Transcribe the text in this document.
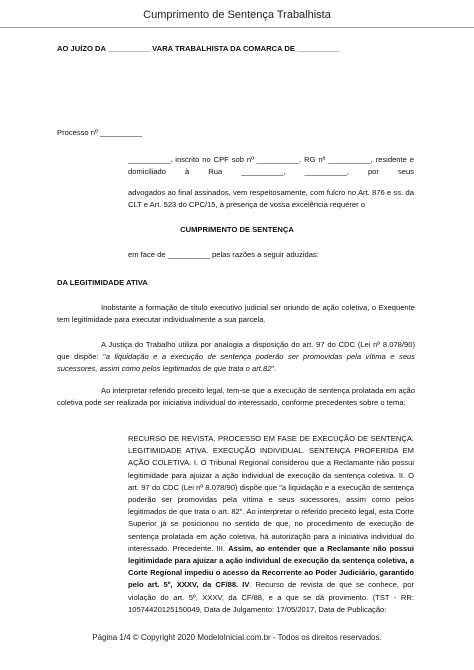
Cumprimento de Sentença Trabalhista
AO JUÍZO DA __________ VARA TRABALHISTA DA COMARCA DE __________
Processo nº __________
__________, inscrito no CPF sob nº __________, RG nº __________, residente e domiciliado à Rua __________, __________, por seus
advogados ao final assinados, vem respeitosamente, com fulcro no Art. 876 e ss. da CLT e Art. 523 do CPC/15, à presença de vossa excelência requerer o
CUMPRIMENTO DE SENTENÇA
em face de __________ pelas razões a seguir aduzidas:
DA LEGITIMIDADE ATIVA
Inobstante a formação de título executivo judicial ser oriundo de ação coletiva, o Exequente tem legitimidade para executar individualmente a sua parcela.
A Justiça do Trabalho utiliza por analogia a disposição do art. 97 do CDC (Lei nº 8.078/90) que dispõe: "a liquidação e a execução de sentença poderão ser promovidas pela vítima e seus sucessores, assim como pelos legitimados de que trata o art.82".
Ao interpretar referido preceito legal, tem-se que a execução de sentença prolatada em ação coletiva pode ser realizada por iniciativa individual do interessado, conforme precedentes sobre o tema:
RECURSO DE REVISTA. PROCESSO EM FASE DE EXECUÇÃO DE SENTENÇA. LEGITIMIDADE ATIVA. EXECUÇÃO INDIVIDUAL. SENTENÇA PROFERIDA EM AÇÃO COLETIVA. I. O Tribunal Regional considerou que a Reclamante não possui legitimidade para ajuizar a ação individual de execução da sentença coletiva. II. O art. 97 do CDC (Lei nº 8.078/90) dispõe que "a liquidação e a execução de sentença poderão ser promovidas pela vítima e seus sucessores, assim como pelos legitimados de que trata o art. 82". Ao interpretar o referido preceito legal, esta Corte Superior já se posicionou no sentido de que, no procedimento de execução de sentença prolatada em ação coletiva, há autorização para a iniciativa individual do interessado. Precedente. III. Assim, ao entender que a Reclamante não possui legitimidade para ajuizar a ação individual de execução da sentença coletiva, a Corte Regional impediu o acesso da Recorrente ao Poder Judiciário, garantido pelo art. 5º, XXXV, da CF/88. IV. Recurso de revista de que se conhece, por violação do art. 5º, XXXV, da CF/88, e a que se dá provimento. (TST - RR: 10574420125150049, Data de Julgamento: 17/05/2017, Data de Publicação:
Página 1/4 © Copyright 2020 ModeloInicial.com.br - Todos os direitos reservados.
